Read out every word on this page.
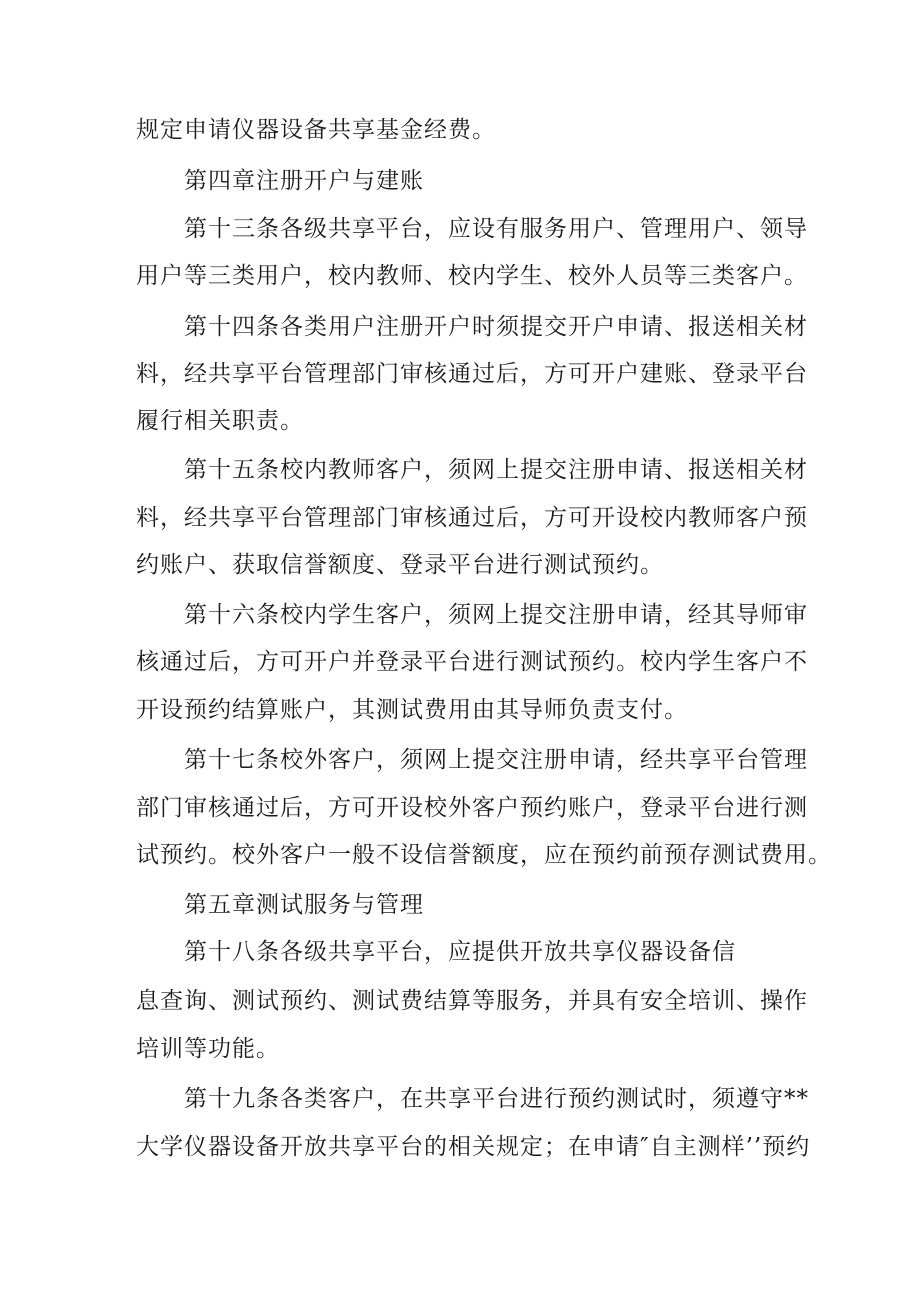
规定申请仪器设备共享基金经费。
第四章注册开户与建账
第十三条各级共享平台，应设有服务用户、管理用户、领导
用户等三类用户，校内教师、校内学生、校外人员等三类客户。
第十四条各类用户注册开户时须提交开户申请、报送相关材
料，经共享平台管理部门审核通过后，方可开户建账、登录平台
履行相关职责。
第十五条校内教师客户，须网上提交注册申请、报送相关材
料，经共享平台管理部门审核通过后，方可开设校内教师客户预
约账户、获取信誉额度、登录平台进行测试预约。
第十六条校内学生客户，须网上提交注册申请，经其导师审
核通过后，方可开户并登录平台进行测试预约。校内学生客户不
开设预约结算账户，其测试费用由其导师负责支付。
第十七条校外客户，须网上提交注册申请，经共享平台管理
部门审核通过后，方可开设校外客户预约账户，登录平台进行测
试预约。校外客户一般不设信誉额度，应在预约前预存测试费用。
第五章测试服务与管理
第十八条各级共享平台，应提供开放共享仪器设备信
息查询、测试预约、测试费结算等服务，并具有安全培训、操作
培训等功能。
第十九条各类客户，在共享平台进行预约测试时，须遵守**
大学仪器设备开放共享平台的相关规定；在申请″自主测样’’预约
